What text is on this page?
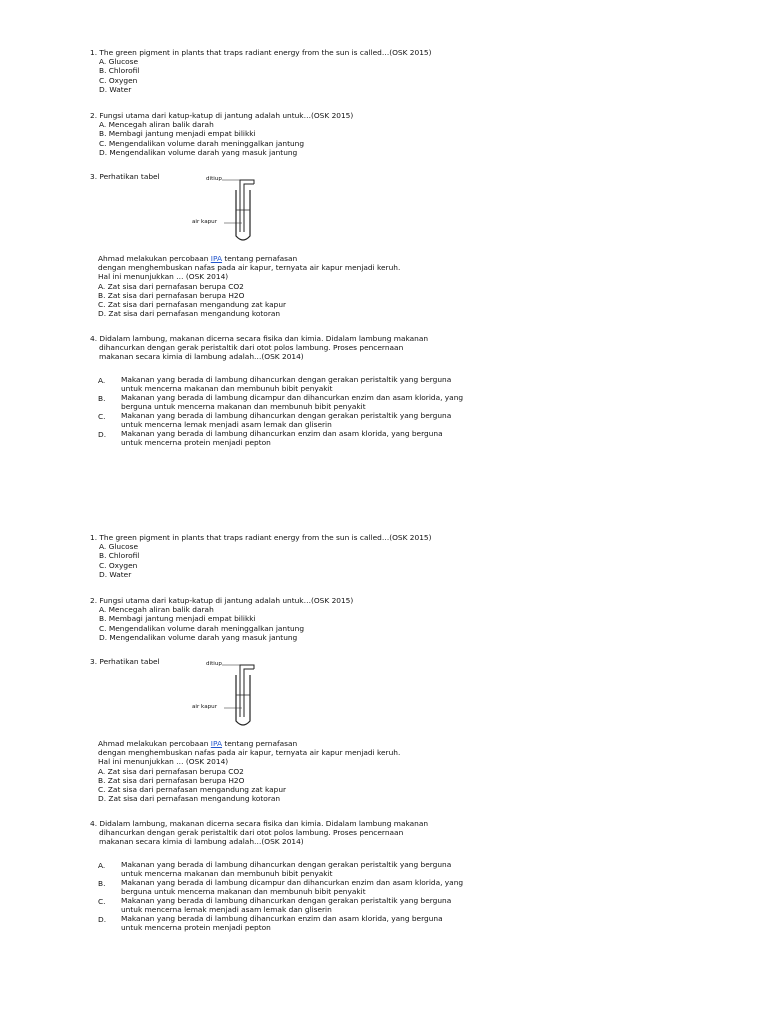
1. The green pigment in plants that traps radiant energy from the sun is called…(OSK 2015)
A. Glucose
B. Chlorofil
C. Oxygen
D. Water
2. Fungsi utama dari katup-katup di jantung adalah untuk…(OSK 2015)
A. Mencegah aliran balik darah
B. Membagi jantung menjadi empat bilikki
C. Mengendalikan volume darah meninggalkan jantung
D. Mengendalikan volume darah yang masuk jantung
3. Perhatikan tabel	ditiup
air kapur
Ahmad melakukan percobaan IPA tentang pernafasan
dengan menghembuskan nafas pada air kapur, ternyata air kapur menjadi keruh.
Hal ini menunjukkan … (OSK 2014)
A. Zat sisa dari pernafasan berupa CO2
B. Zat sisa dari pernafasan berupa H2O
C. Zat sisa dari pernafasan mengandung zat kapur
D. Zat sisa dari pernafasan mengandung kotoran
4. Didalam lambung, makanan dicerna secara fisika dan kimia. Didalam lambung makanan
dihancurkan dengan gerak peristaltik dari otot polos lambung. Proses pencernaan
makanan secara kimia di lambung adalah…(OSK 2014)
A.	Makanan yang berada di lambung dihancurkan dengan gerakan peristaltik yang berguna
untuk mencerna makanan dan membunuh bibit penyakit
B.	Makanan yang berada di lambung dicampur dan dihancurkan enzim dan asam klorida, yang
berguna untuk mencerna makanan dan membunuh bibit penyakit
C.	Makanan yang berada di lambung dihancurkan dengan gerakan peristaltik yang berguna
untuk mencerna lemak menjadi asam lemak dan gliserin
D.	Makanan yang berada di lambung dihancurkan enzim dan asam klorida, yang berguna
untuk mencerna protein menjadi pepton
1. The green pigment in plants that traps radiant energy from the sun is called…(OSK 2015)
A. Glucose
B. Chlorofil
C. Oxygen
D. Water
2. Fungsi utama dari katup-katup di jantung adalah untuk…(OSK 2015)
A. Mencegah aliran balik darah
B. Membagi jantung menjadi empat bilikki
C. Mengendalikan volume darah meninggalkan jantung
D. Mengendalikan volume darah yang masuk jantung
3. Perhatikan tabel	ditiup
air kapur
Ahmad melakukan percobaan IPA tentang pernafasan
dengan menghembuskan nafas pada air kapur, ternyata air kapur menjadi keruh.
Hal ini menunjukkan … (OSK 2014)
A. Zat sisa dari pernafasan berupa CO2
B. Zat sisa dari pernafasan berupa H2O
C. Zat sisa dari pernafasan mengandung zat kapur
D. Zat sisa dari pernafasan mengandung kotoran
4. Didalam lambung, makanan dicerna secara fisika dan kimia. Didalam lambung makanan
dihancurkan dengan gerak peristaltik dari otot polos lambung. Proses pencernaan
makanan secara kimia di lambung adalah…(OSK 2014)
A.	Makanan yang berada di lambung dihancurkan dengan gerakan peristaltik yang berguna
untuk mencerna makanan dan membunuh bibit penyakit
B.	Makanan yang berada di lambung dicampur dan dihancurkan enzim dan asam klorida, yang
berguna untuk mencerna makanan dan membunuh bibit penyakit
C.	Makanan yang berada di lambung dihancurkan dengan gerakan peristaltik yang berguna
untuk mencerna lemak menjadi asam lemak dan gliserin
D.	Makanan yang berada di lambung dihancurkan enzim dan asam klorida, yang berguna
untuk mencerna protein menjadi pepton
